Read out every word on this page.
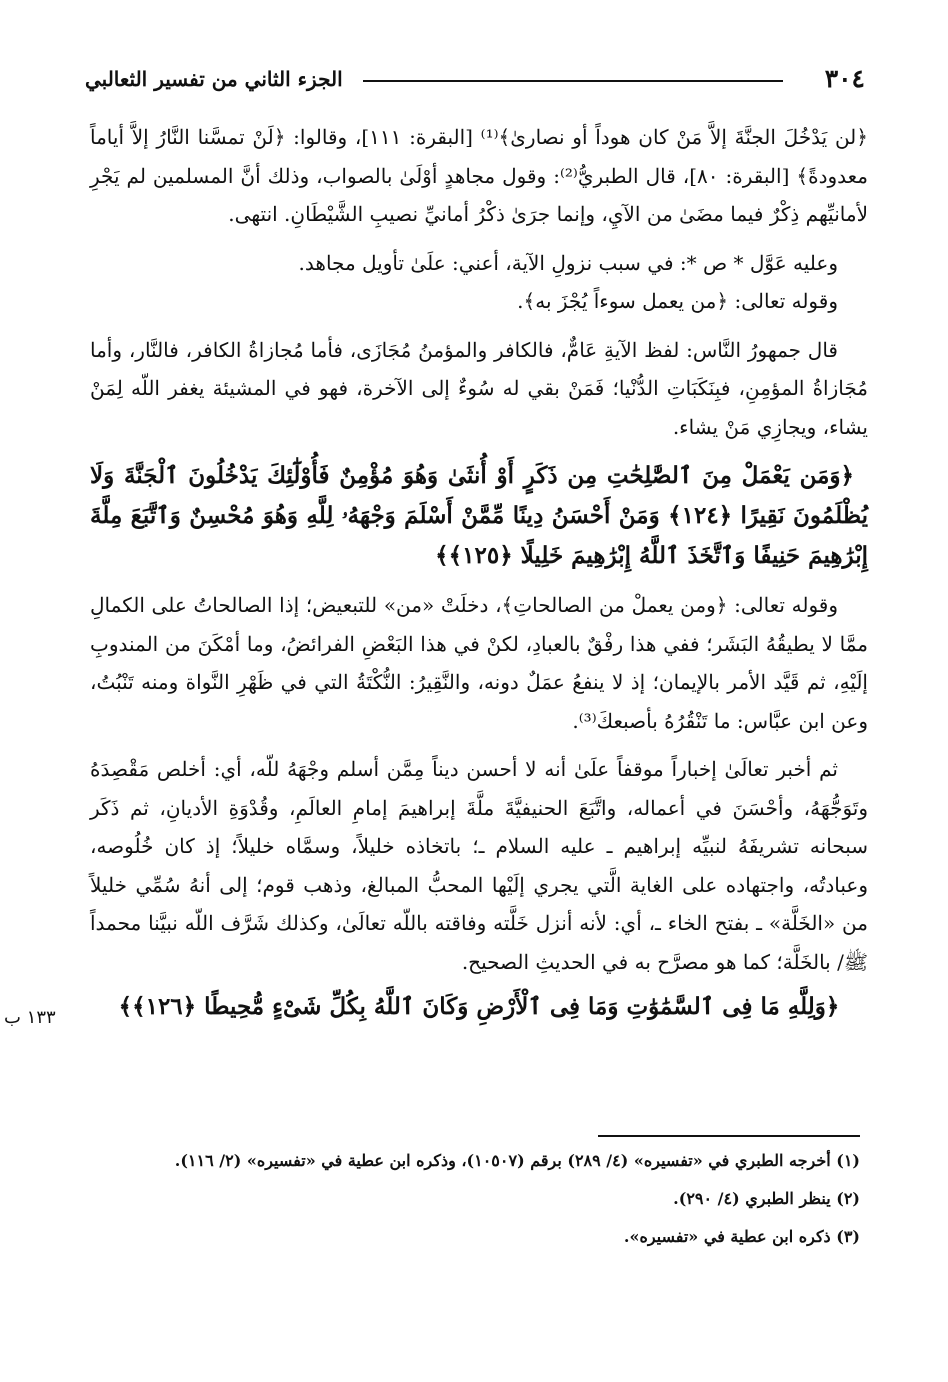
٣٠٤
الجزء الثاني من تفسير الثعالبي

﴿لن يَدْخُلَ الجنَّةَ إلاَّ مَنْ كان هوداً أو نصارىٰ﴾⁽¹⁾ [البقرة: ١١١]، وقالوا: ﴿لَنْ تمسَّنا النَّارُ إلاَّ أياماً معدودةً﴾ [البقرة: ٨٠]، قال الطبريُّ⁽²⁾: وقول مجاهدٍ أوْلَىٰ بالصواب، وذلك أنَّ المسلمين لم يَجْرِ لأمانيِّهم ذِكْرٌ فيما مضَىٰ من الآيِ، وإنما جرَىٰ ذكْرُ أمانيِّ نصيبِ الشَّيْطَانِ. انتهى.

وعليه عَوَّل * ص *: في سبب نزولِ الآية، أعني: علَىٰ تأويل مجاهد.

وقوله تعالى: ﴿من يعمل سوءاً يُجْزَ به﴾.

قال جمهورُ النَّاس: لفظ الآيةِ عَامٌّ، فالكافر والمؤمنُ مُجَازَى، فأما مُجازاةُ الكافر، فالنَّار، وأما مُجَازاةُ المؤمِنِ، فبِنَكَبَاتِ الدُّنْيا؛ فَمَنْ بقي له سُوءٌ إلى الآخرة، فهو في المشيئة يغفر اللّه لِمَنْ يشاء، ويجازِي مَنْ يشاء.

﴿وَمَن يَعْمَلْ مِنَ ٱلصَّٰلِحَٰتِ مِن ذَكَرٍ أَوْ أُنثَىٰ وَهُوَ مُؤْمِنٌ فَأُوْلَٰٓئِكَ يَدْخُلُونَ ٱلْجَنَّةَ وَلَا يُظْلَمُونَ نَقِيرًا ﴿١٢٤﴾ وَمَنْ أَحْسَنُ دِينًا مِّمَّنْ أَسْلَمَ وَجْهَهُۥ لِلَّهِ وَهُوَ مُحْسِنٌ وَٱتَّبَعَ مِلَّةَ إِبْرَٰهِيمَ حَنِيفًا وَٱتَّخَذَ ٱللَّهُ إِبْرَٰهِيمَ خَلِيلًا ﴿١٢٥﴾﴾

وقوله تعالى: ﴿ومن يعملْ من الصالحاتِ﴾، دخلَتْ «من» للتبعيض؛ إذا الصالحاتُ على الكمالِ ممَّا لا يطيقُهُ البَشَر؛ ففي هذا رفْقٌ بالعبادِ، لكنْ في هذا البَعْضِ الفرائضُ، وما أمْكَنَ من المندوبِ إلَيْهِ، ثم قَيَّد الأمر بالإيمان؛ إذ لا ينفعُ عمَلٌ دونه، والنَّقِيرُ: النُّكْتَةُ التي في ظَهْرِ النَّواة ومنه تَنْبُتُ، وعن ابن عبَّاس: ما تَنْقُرُهُ بأصبعكَ⁽³⁾.

ثم أخبر تعالَىٰ إخباراً موقفاً علَىٰ أنه لا أحسن ديناً مِمَّن أسلم وجْهَهُ للّه، أي: أخلص مَقْصِدَهُ وتَوَجُّهَهُ، وأحْسَنَ في أعماله، واتَّبَعَ الحنيفيَّةَ ملَّةَ إبراهيمَ إمامِ العالَمِ، وقُدْوَةِ الأديانِ، ثم ذَكَر سبحانه تشريفَهُ لنبيِّه إبراهيم ـ عليه السلام ـ؛ باتخاذه خليلاً، وسمَّاه خليلاً؛ إذ كان خُلُوصه، وعبادتُه، واجتهاده على الغاية الَّتي يجري إلَيْها المحبُّ المبالغ، وذهب قوم؛ إلى أنهُ سُمِّي خليلاً من «الخَلَّة» ـ بفتح الخاء ـ، أي: لأنه أنزل خَلَّته وفاقته باللّه تعالَىٰ، وكذلك شَرَّف اللّه نبيَّنا محمداً ﷺ/ بالخَلَّة؛ كما هو مصرَّح به في الحديثِ الصحيح.

﴿وَلِلَّهِ مَا فِى ٱلسَّمَٰوَٰتِ وَمَا فِى ٱلْأَرْضِ وَكَانَ ٱللَّهُ بِكُلِّ شَىْءٍ مُّحِيطًا ﴿١٢٦﴾﴾

١٣٣ ب

(١) أخرجه الطبري في «تفسيره» (٤/ ٢٨٩) برقم (١٠٥٠٧)، وذكره ابن عطية في «تفسيره» (٢/ ١١٦).

(٢) ينظر الطبري (٤/ ٢٩٠).

(٣) ذكره ابن عطية في «تفسيره».
